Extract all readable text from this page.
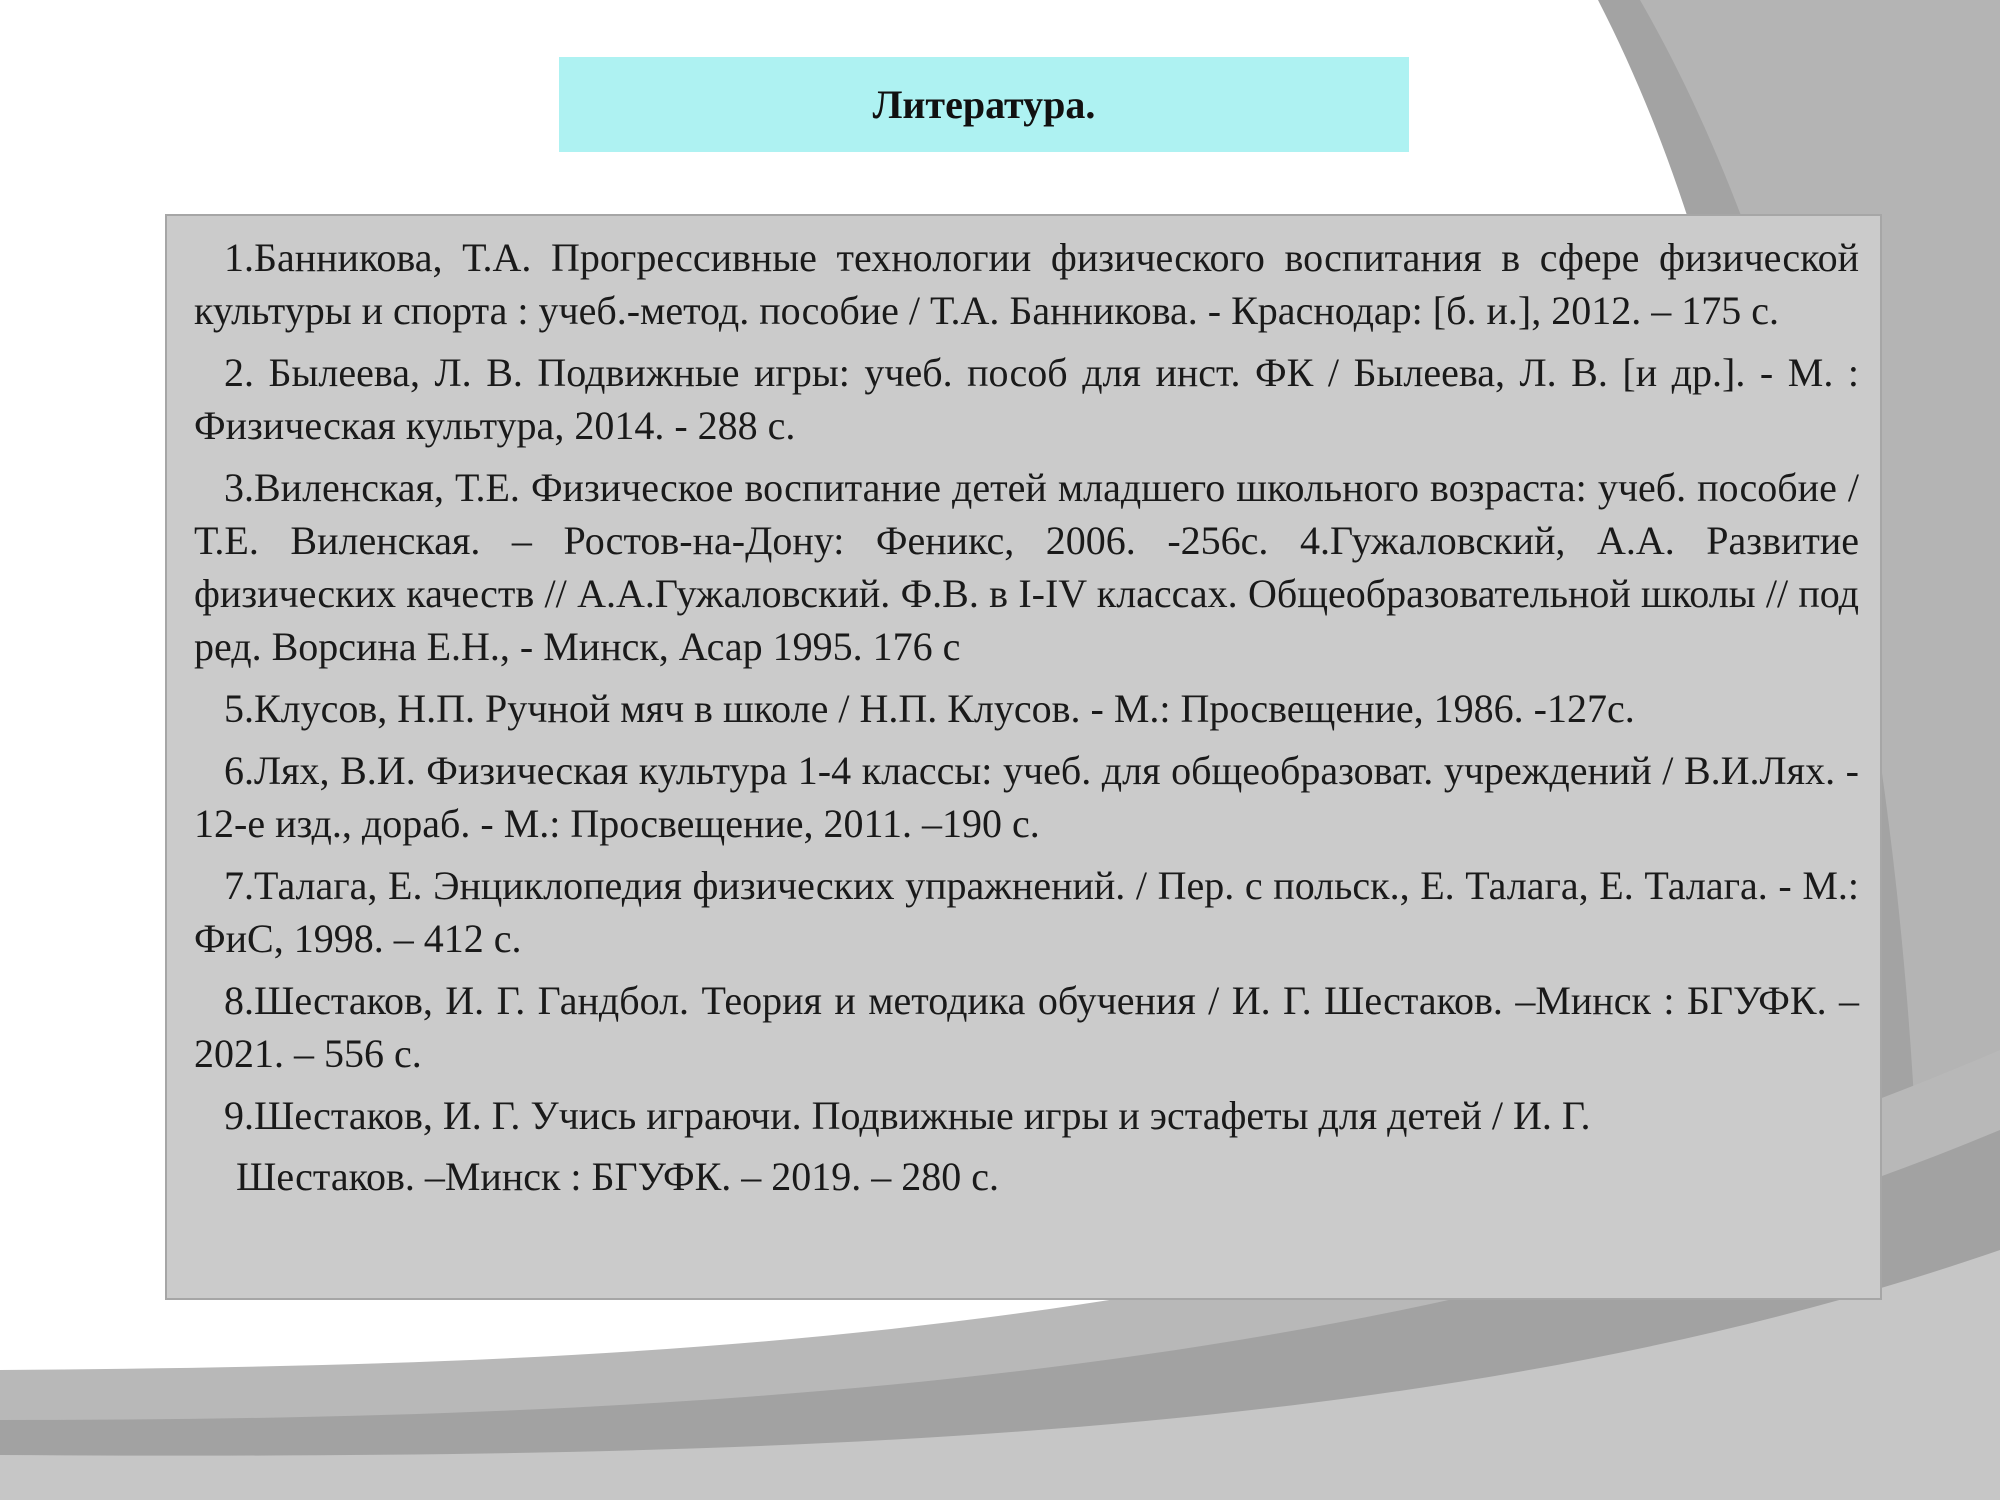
Литература.

1.Банникова, Т.А. Прогрессивные технологии физического воспитания в сфере физической культуры и спорта : учеб.-метод. пособие / Т.А. Банникова. - Краснодар: [б. и.], 2012. – 175 с.

2. Былеева, Л. В. Подвижные игры: учеб. пособ для инст. ФК / Былеева, Л. В. [и др.]. - М. : Физическая культура, 2014. - 288 с.

3.Виленская, Т.Е. Физическое воспитание детей младшего школьного возраста: учеб. пособие / Т.Е. Виленская. – Ростов-на-Дону: Феникс, 2006. -256с. 4.Гужаловский, А.А. Развитие физических качеств // А.А.Гужаловский. Ф.В. в I-IV классах. Общеобразовательной школы // под ред. Ворсина Е.Н., - Минск, Асар 1995. 176 с

5.Клусов, Н.П. Ручной мяч в школе / Н.П. Клусов. - М.: Просвещение, 1986. -127с.

6.Лях, В.И. Физическая культура 1-4 классы: учеб. для общеобразоват. учреждений / В.И.Лях. - 12-е изд., дораб. - М.: Просвещение, 2011. –190 с.

7.Талага, Е. Энциклопедия физических упражнений. / Пер. с польск., Е. Талага, Е. Талага. - М.: ФиС, 1998. – 412 с.

8.Шестаков, И. Г. Гандбол. Теория и методика обучения / И. Г. Шестаков. –Минск : БГУФК. – 2021. – 556 с.

9.Шестаков, И. Г. Учись играючи. Подвижные игры и эстафеты для детей / И. Г.

Шестаков. –Минск : БГУФК. – 2019. – 280 с.
